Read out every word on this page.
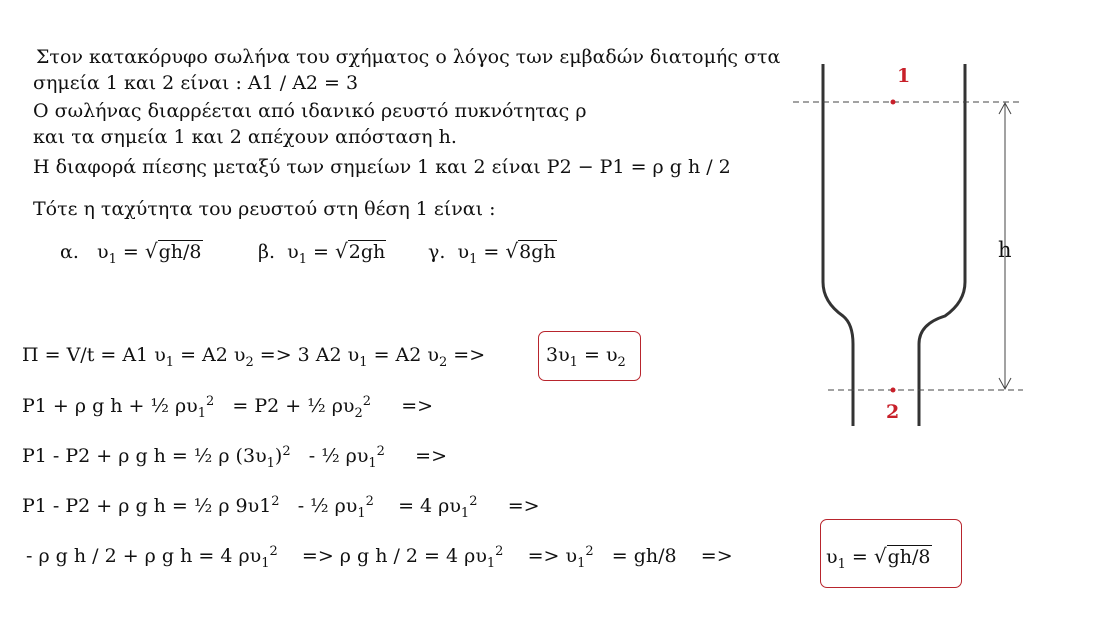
Στον κατακόρυφο σωλήνα του σχήματος ο λόγος των εμβαδών διατομής στα
σημεία 1 και 2 είναι : A1 / A2 = 3
Ο σωλήνας διαρρέεται από ιδανικό ρευστό πυκνότητας ρ
και τα σημεία 1 και 2 απέχουν απόσταση h.
Η διαφορά πίεσης μεταξύ των σημείων 1 και 2 είναι P2 − P1 = ρ g h / 2
Τότε η ταχύτητα του ρευστού στη θέση 1 είναι :
α. $\upsilon_1 = √gh/8$	β. $\upsilon_1 = √2gh$ γ. $\upsilon_1 = √8gh$
Π = V/t = A1 $\upsilon_1 = A2$ $\upsilon_2 => 3$ A2 $\upsilon_1 = A2$ $\upsilon_2$ =>	$3\upsilon_1 = \upsilon_2$
P1 + ρ g h + ½ $\rho\upsilon_1^2 = P2$ + ½ $\rho\upsilon_2^2$ =>
P1 - P2 + ρ g h = ½ ρ $(3\upsilon_1)^2$ - ½ $\rho\upsilon_1^2$ =>
P1 - P2 + ρ g h = ½ ρ $9\upsilon 1^2$ - ½ $\rho\upsilon_1^2 = 4$ $\rho\upsilon_1^2$ =>
- ρ g h / 2 + ρ g h = 4 $\rho\upsilon_1^2 => \rho$ g h / 2 = 4 $\rho\upsilon_1^2 => \upsilon_1^2 = gh/8$ =>	$\upsilon_1 = √gh/8$
1
2
h
